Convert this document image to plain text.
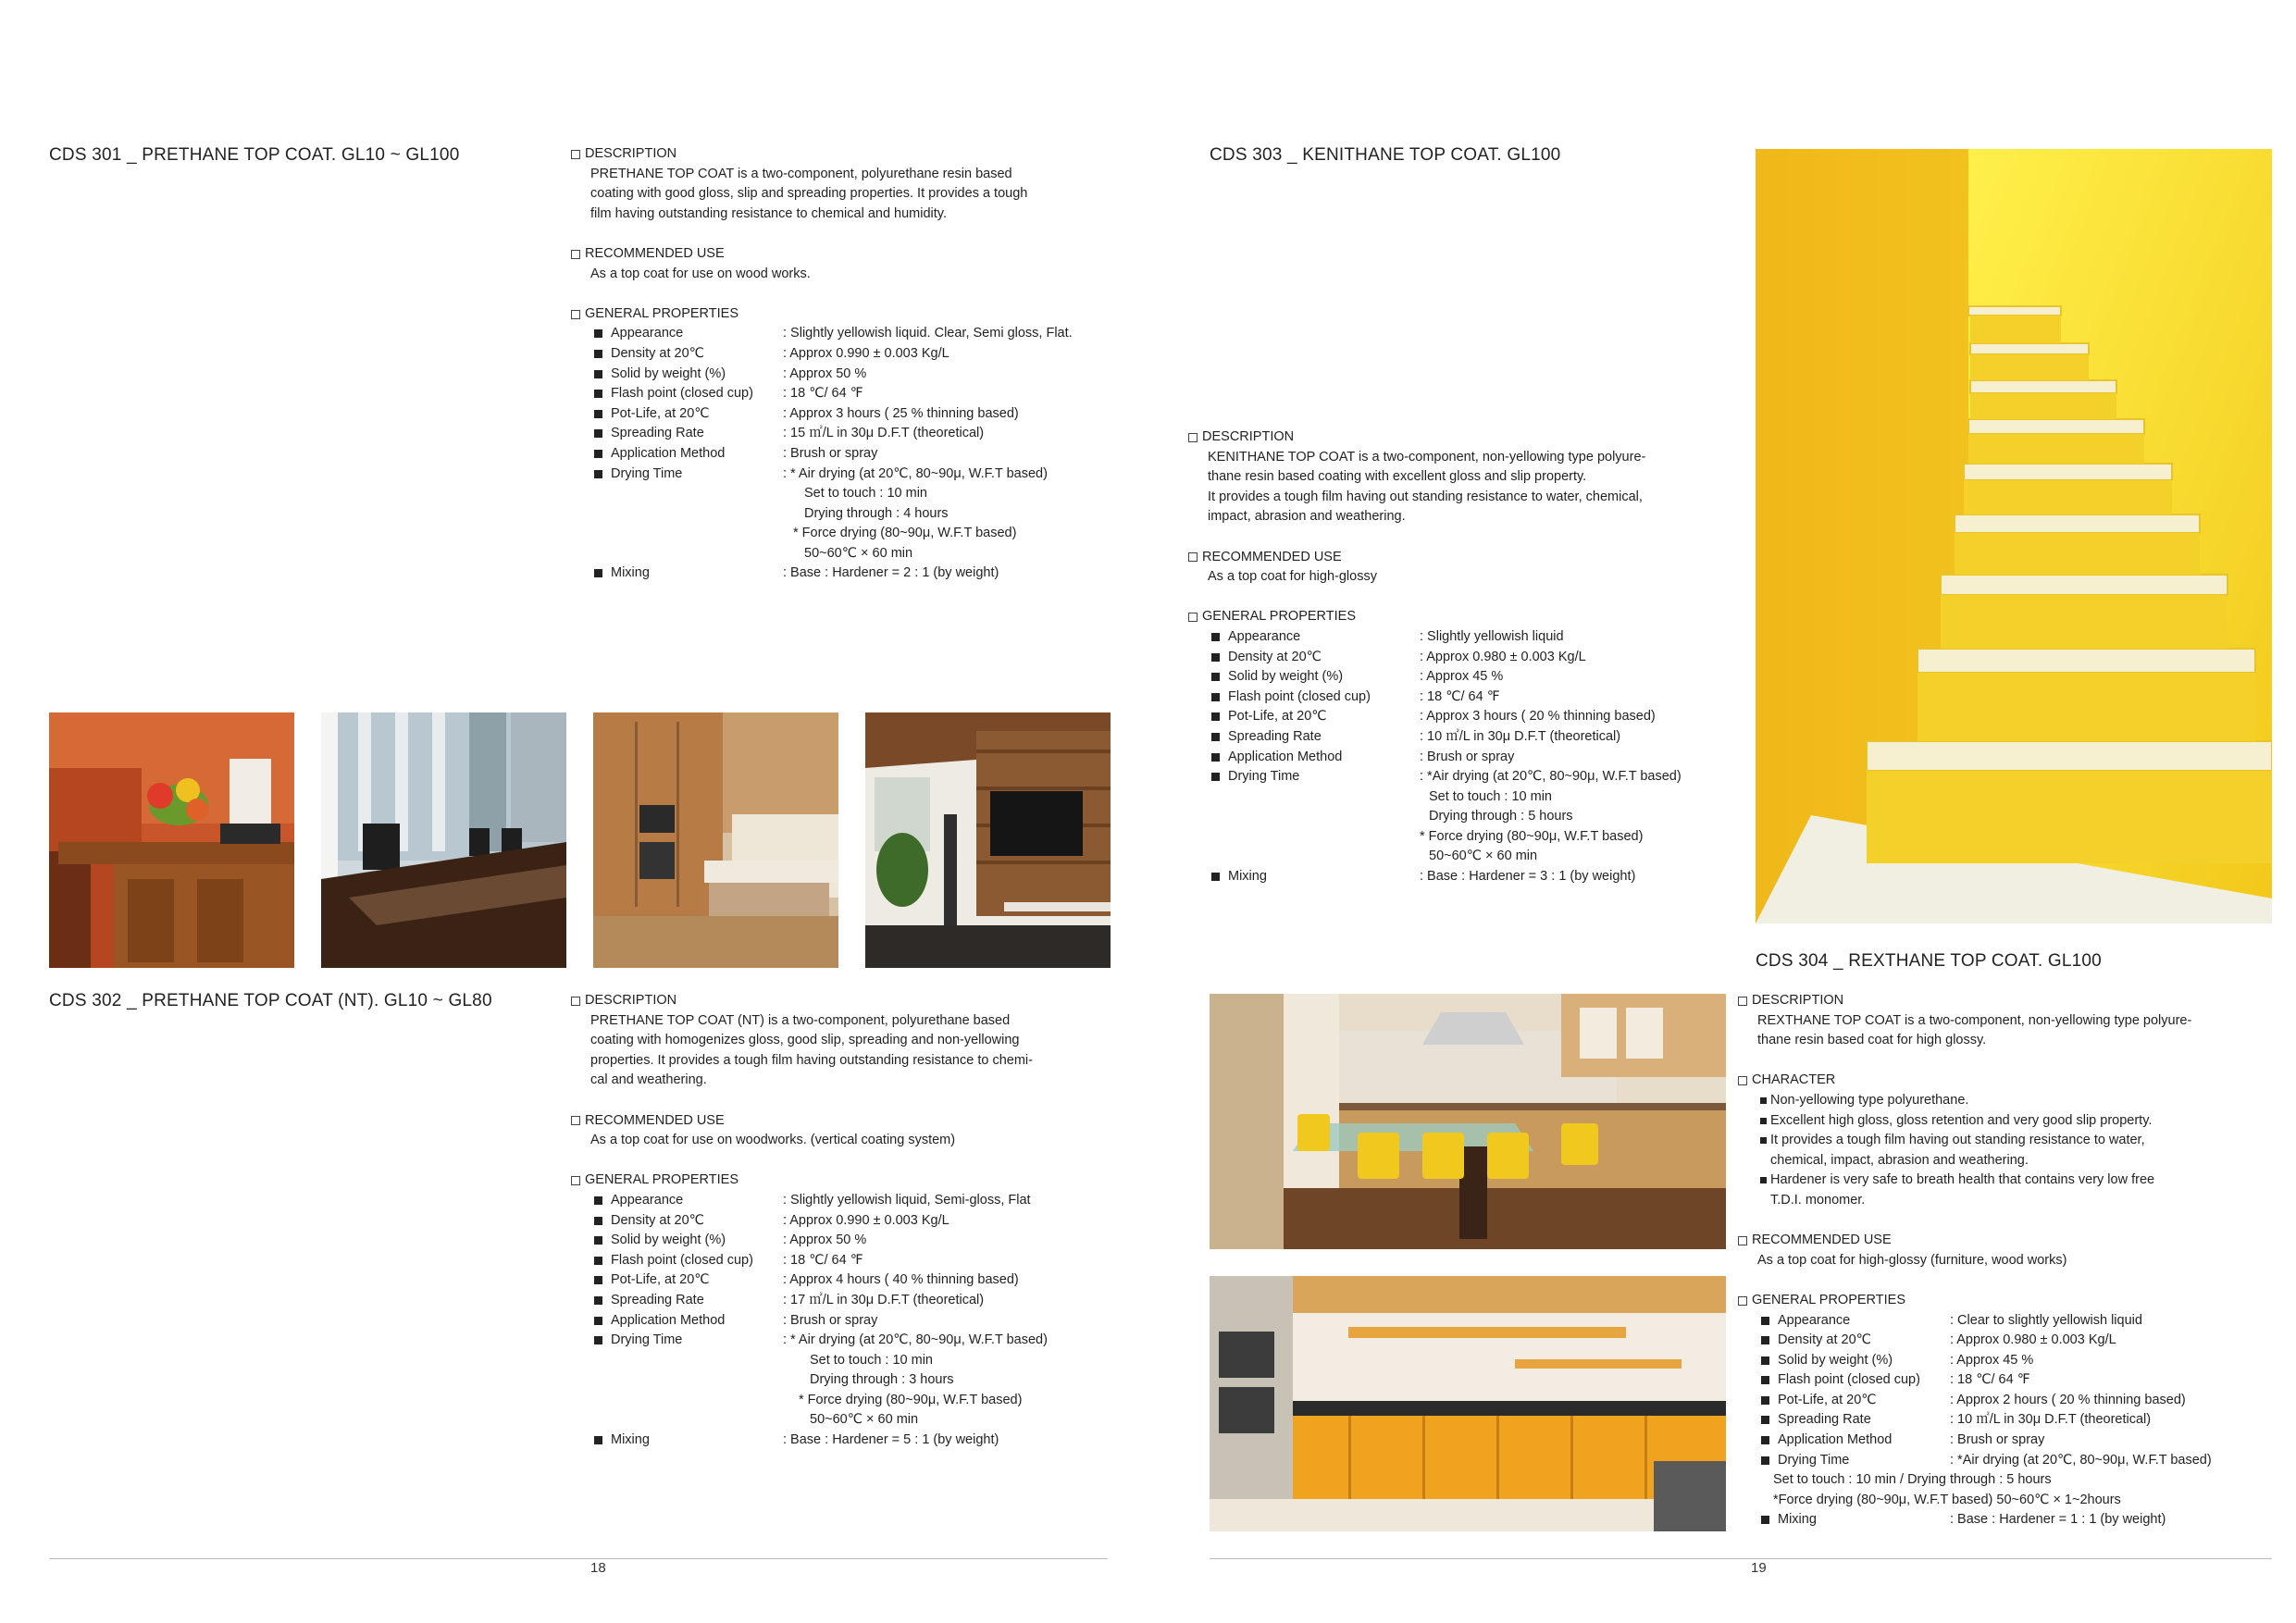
CDS 301 _ PRETHANE TOP COAT. GL10 ~ GL100	DESCRIPTION
PRETHANE TOP COAT is a two-component, polyurethane resin based
coating with good gloss, slip and spreading properties. It provides a tough
film having outstanding resistance to chemical and humidity.
RECOMMENDED USE
As a top coat for use on wood works.
GENERAL PROPERTIES
Appearance	: Slightly yellowish liquid. Clear, Semi gloss, Flat.
Density at 20℃	: Approx 0.990 ± 0.003 Kg/L
Solid by weight (%)	: Approx 50 %
Flash point (closed cup)	: 18 ℃/ 64 ℉
Pot-Life, at 20℃	: Approx 3 hours ( 25 % thinning based)
Spreading Rate	: 15 ㎡/L in 30μ D.F.T (theoretical)
Application Method	: Brush or spray
Drying Time	: * Air drying (at 20℃, 80~90μ, W.F.T based)
Set to touch : 10 min
Drying through : 4 hours
* Force drying (80~90μ, W.F.T based)
50~60℃ × 60 min
Mixing	: Base : Hardener = 2 : 1 (by weight)
CDS 302 _ PRETHANE TOP COAT (NT). GL10 ~ GL80	DESCRIPTION
PRETHANE TOP COAT (NT) is a two-component, polyurethane based
coating with homogenizes gloss, good slip, spreading and non-yellowing
properties. It provides a tough film having outstanding resistance to chemi-
cal and weathering.
RECOMMENDED USE
As a top coat for use on woodworks. (vertical coating system)
GENERAL PROPERTIES
Appearance	: Slightly yellowish liquid, Semi-gloss, Flat
Density at 20℃	: Approx 0.990 ± 0.003 Kg/L
Solid by weight (%)	: Approx 50 %
Flash point (closed cup)	: 18 ℃/ 64 ℉
Pot-Life, at 20℃	: Approx 4 hours ( 40 % thinning based)
Spreading Rate	: 17 ㎡/L in 30μ D.F.T (theoretical)
Application Method	: Brush or spray
Drying Time	: * Air drying (at 20℃, 80~90μ, W.F.T based)
Set to touch : 10 min
Drying through : 3 hours
* Force drying (80~90μ, W.F.T based)
50~60℃ × 60 min
Mixing	: Base : Hardener = 5 : 1 (by weight)
18
CDS 303 _ KENITHANE TOP COAT. GL100
DESCRIPTION
KENITHANE TOP COAT is a two-component, non-yellowing type polyure-
thane resin based coating with excellent gloss and slip property.
It provides a tough film having out standing resistance to water, chemical,
impact, abrasion and weathering.
RECOMMENDED USE
As a top coat for high-glossy
GENERAL PROPERTIES
Appearance	: Slightly yellowish liquid
Density at 20℃	: Approx 0.980 ± 0.003 Kg/L
Solid by weight (%)	: Approx 45 %
Flash point (closed cup)	: 18 ℃/ 64 ℉
Pot-Life, at 20℃	: Approx 3 hours ( 20 % thinning based)
Spreading Rate	: 10 ㎡/L in 30μ D.F.T (theoretical)
Application Method	: Brush or spray
Drying Time	: *Air drying (at 20℃, 80~90μ, W.F.T based)
Set to touch : 10 min
Drying through : 5 hours
* Force drying (80~90μ, W.F.T based)
50~60℃ × 60 min
Mixing	: Base : Hardener = 3 : 1 (by weight)
CDS 304 _ REXTHANE TOP COAT. GL100
DESCRIPTION
REXTHANE TOP COAT is a two-component, non-yellowing type polyure-
thane resin based coat for high glossy.
CHARACTER
Non-yellowing type polyurethane.
Excellent high gloss, gloss retention and very good slip property.
It provides a tough film having out standing resistance to water,
chemical, impact, abrasion and weathering.
Hardener is very safe to breath health that contains very low free
T.D.I. monomer.
RECOMMENDED USE
As a top coat for high-glossy (furniture, wood works)
GENERAL PROPERTIES
Appearance	: Clear to slightly yellowish liquid
Density at 20℃	: Approx 0.980 ± 0.003 Kg/L
Solid by weight (%)	: Approx 45 %
Flash point (closed cup)	: 18 ℃/ 64 ℉
Pot-Life, at 20℃	: Approx 2 hours ( 20 % thinning based)
Spreading Rate	: 10 ㎡/L in 30μ D.F.T (theoretical)
Application Method	: Brush or spray
Drying Time	: *Air drying (at 20℃, 80~90μ, W.F.T based)
Set to touch : 10 min / Drying through : 5 hours
*Force drying (80~90μ, W.F.T based) 50~60℃ × 1~2hours
Mixing	: Base : Hardener = 1 : 1 (by weight)
19
